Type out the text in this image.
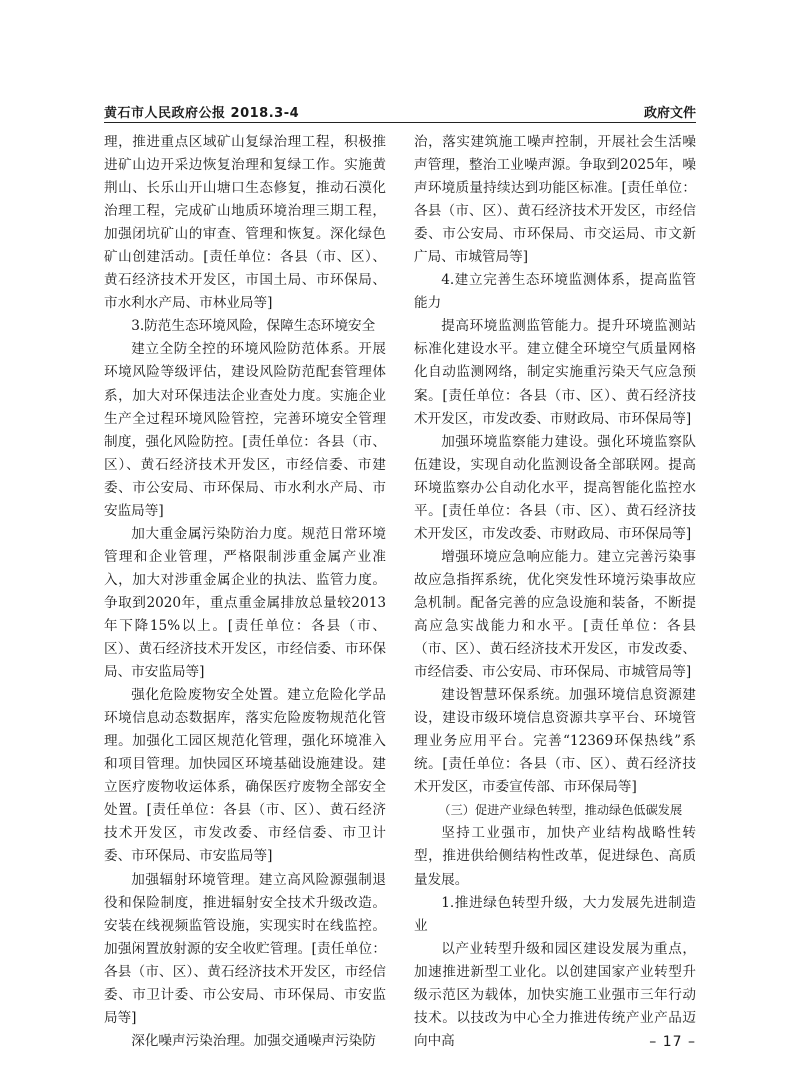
黄石市人民政府公报 2018.3-4	政府文件

理，推进重点区域矿山复绿治理工程，积极推进矿山边开采边恢复治理和复绿工作。实施黄荆山、长乐山开山塘口生态修复，推动石漠化治理工程，完成矿山地质环境治理三期工程，加强闭坑矿山的审查、管理和恢复。深化绿色矿山创建活动。[责任单位：各县（市、区）、黄石经济技术开发区，市国土局、市环保局、市水利水产局、市林业局等]

3.防范生态环境风险，保障生态环境安全

建立全防全控的环境风险防范体系。开展环境风险等级评估，建设风险防范配套管理体系，加大对环保违法企业查处力度。实施企业生产全过程环境风险管控，完善环境安全管理制度，强化风险防控。[责任单位：各县（市、区）、黄石经济技术开发区，市经信委、市建委、市公安局、市环保局、市水利水产局、市安监局等]

加大重金属污染防治力度。规范日常环境管理和企业管理，严格限制涉重金属产业准入，加大对涉重金属企业的执法、监管力度。争取到2020年，重点重金属排放总量较2013年下降15%以上。[责任单位：各县（市、区）、黄石经济技术开发区，市经信委、市环保局、市安监局等]

强化危险废物安全处置。建立危险化学品环境信息动态数据库，落实危险废物规范化管理。加强化工园区规范化管理，强化环境准入和项目管理。加快园区环境基础设施建设。建立医疗废物收运体系，确保医疗废物全部安全处置。[责任单位：各县（市、区）、黄石经济技术开发区，市发改委、市经信委、市卫计委、市环保局、市安监局等]

加强辐射环境管理。建立高风险源强制退役和保险制度，推进辐射安全技术升级改造。安装在线视频监管设施，实现实时在线监控。加强闲置放射源的安全收贮管理。[责任单位：各县（市、区）、黄石经济技术开发区，市经信委、市卫计委、市公安局、市环保局、市安监局等]

深化噪声污染治理。加强交通噪声污染防

治，落实建筑施工噪声控制，开展社会生活噪声管理，整治工业噪声源。争取到2025年，噪声环境质量持续达到功能区标准。[责任单位：各县（市、区）、黄石经济技术开发区，市经信委、市公安局、市环保局、市交运局、市文新广局、市城管局等]

4.建立完善生态环境监测体系，提高监管能力

提高环境监测监管能力。提升环境监测站标准化建设水平。建立健全环境空气质量网格化自动监测网络，制定实施重污染天气应急预案。[责任单位：各县（市、区）、黄石经济技术开发区，市发改委、市财政局、市环保局等]

加强环境监察能力建设。强化环境监察队伍建设，实现自动化监测设备全部联网。提高环境监察办公自动化水平，提高智能化监控水平。[责任单位：各县（市、区）、黄石经济技术开发区，市发改委、市财政局、市环保局等]

增强环境应急响应能力。建立完善污染事故应急指挥系统，优化突发性环境污染事故应急机制。配备完善的应急设施和装备，不断提高应急实战能力和水平。[责任单位：各县（市、区）、黄石经济技术开发区，市发改委、市经信委、市公安局、市环保局、市城管局等]

建设智慧环保系统。加强环境信息资源建设，建设市级环境信息资源共享平台、环境管理业务应用平台。完善“12369环保热线”系统。[责任单位：各县（市、区）、黄石经济技术开发区，市委宣传部、市环保局等]

（三）促进产业绿色转型，推动绿色低碳发展

坚持工业强市，加快产业结构战略性转型，推进供给侧结构性改革，促进绿色、高质量发展。

1.推进绿色转型升级，大力发展先进制造业

以产业转型升级和园区建设发展为重点，加速推进新型工业化。以创建国家产业转型升级示范区为载体，加快实施工业强市三年行动技术。以技改为中心全力推进传统产业产品迈向中高	– 17 –
